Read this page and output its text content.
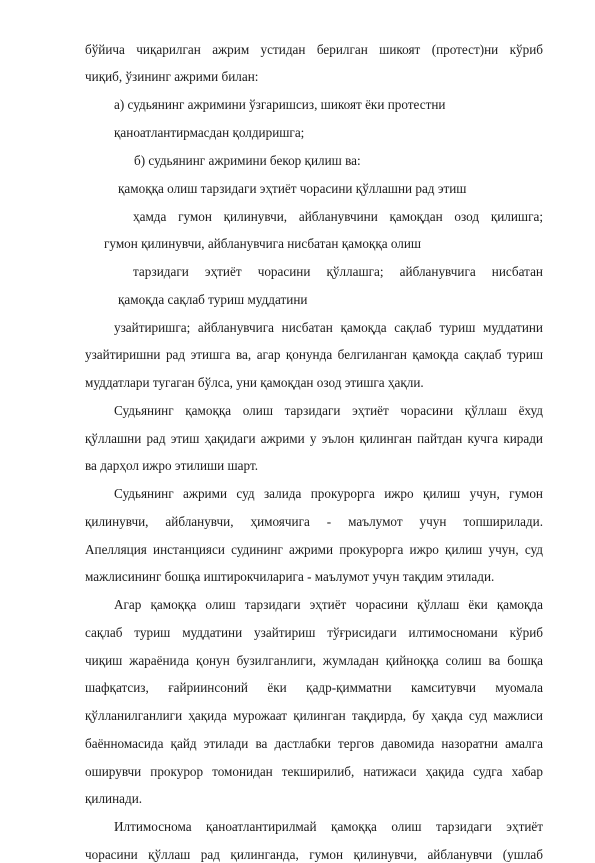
бўйича чиқарилган ажрим устидан берилган шикоят (протест)ни кўриб
чиқиб, ўзининг ажрими билан:
а) судьянинг ажримини ўзгаришсиз, шикоят ёки протестни
қаноатлантирмасдан қолдиришга;
б) судьянинг ажримини бекор қилиш ва:
қамоққа олиш тарзидаги эҳтиёт чорасини қўллашни рад этиш
ҳамда гумон қилинувчи, айбланувчини қамоқдан озод қилишга;
гумон қилинувчи, айбланувчига нисбатан қамоққа олиш
тарзидаги эҳтиёт чорасини қўллашга; айбланувчига нисбатан
қамоқда сақлаб туриш муддатини
узайтиришга; айбланувчига нисбатан қамоқда сақлаб туриш муддатини
узайтиришни рад этишга ва, агар қонунда белгиланган қамоқда сақлаб туриш
муддатлари тугаган бўлса, уни қамоқдан озод этишга ҳақли.
Судьянинг қамоққа олиш тарзидаги эҳтиёт чорасини қўллаш ёхуд
қўллашни рад этиш ҳақидаги ажрими у эълон қилинган пайтдан кучга киради
ва дарҳол ижро этилиши шарт.
Судьянинг ажрими суд залида прокурорга ижро қилиш учун, гумон
қилинувчи, айбланувчи, ҳимоячига - маълумот учун топширилади.
Апелляция инстанцияси судининг ажрими прокурорга ижро қилиш учун, суд
мажлисининг бошқа иштирокчиларига - маълумот учун тақдим этилади.
Агар қамоққа олиш тарзидаги эҳтиёт чорасини қўллаш ёки қамоқда
сақлаб туриш муддатини узайтириш тўғрисидаги илтимосномани кўриб
чиқиш жараёнида қонун бузилганлиги, жумладан қийноққа солиш ва бошқа
шафқатсиз, ғайриинсоний ёки қадр-қимматни камситувчи муомала
қўлланилганлиги ҳақида мурожаат қилинган тақдирда, бу ҳақда суд мажлиси
баённомасида қайд этилади ва дастлабки тергов давомида назоратни амалга
оширувчи прокурор томонидан текширилиб, натижаси ҳақида судга хабар
қилинади.
Илтимоснома қаноатлантирилмай қамоққа олиш тарзидаги эҳтиёт
чорасини қўллаш рад қилинганда, гумон қилинувчи, айбланувчи (ушлаб
